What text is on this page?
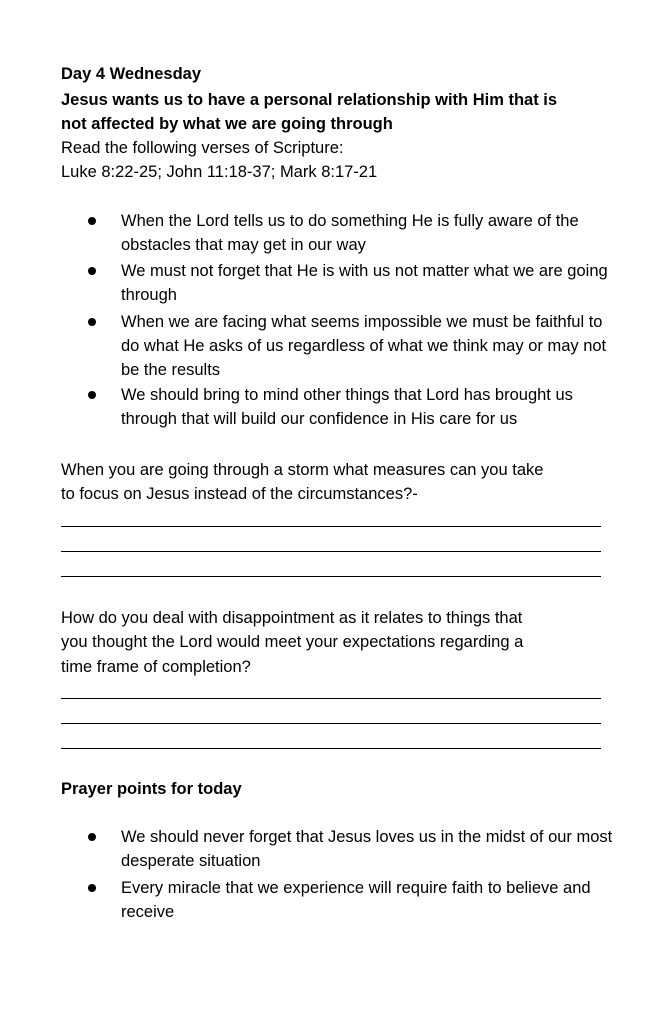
Day 4 Wednesday
Jesus wants us to have a personal relationship with Him that is
not affected by what we are going through
Read the following verses of Scripture:
Luke 8:22-25; John 11:18-37; Mark 8:17-21
When the Lord tells us to do something He is fully aware of the obstacles that may get in our way
We must not forget that He is with us not matter what we are going through
When we are facing what seems impossible we must be faithful to do what He asks of us regardless of what we think may or may not be the results
We should bring to mind other things that Lord has brought us through that will build our confidence in His care for us
When you are going through a storm what measures can you take
to focus on Jesus instead of the circumstances?-
How do you deal with disappointment as it relates to things that
you thought the Lord would meet your expectations regarding a
time frame of completion?
Prayer points for today
We should never forget that Jesus loves us in the midst of our most desperate situation
Every miracle that we experience will require faith to believe and receive
